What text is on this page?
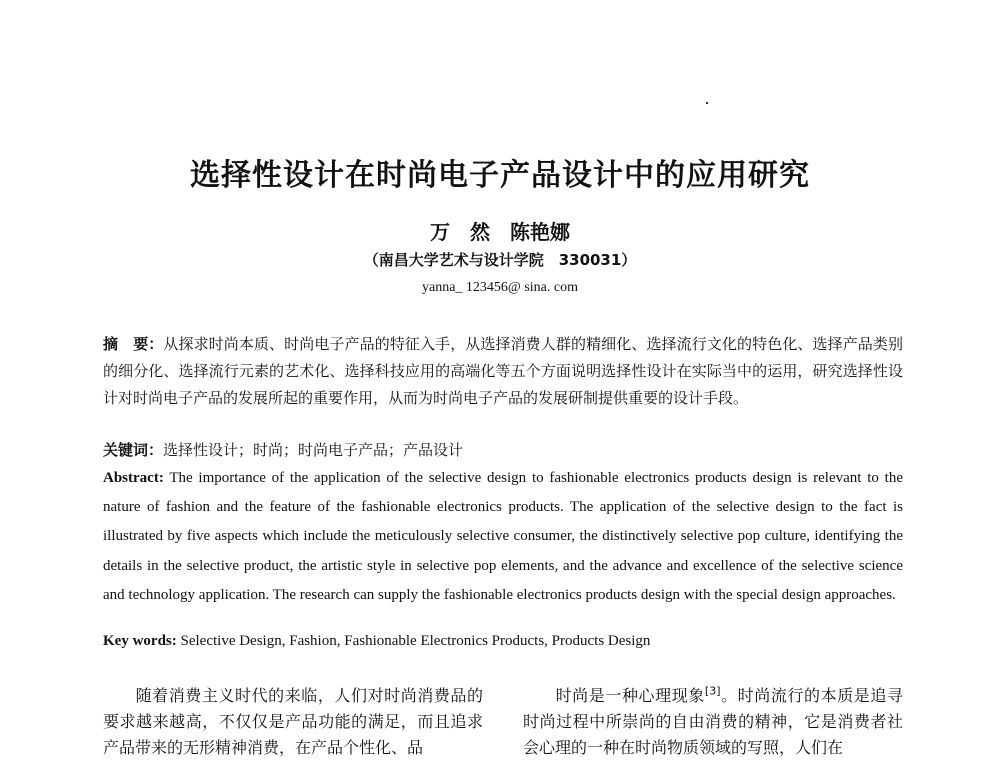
选择性设计在时尚电子产品设计中的应用研究
万　然　陈艳娜
（南昌大学艺术与设计学院　330031）
yanna_ 123456@ sina. com
摘　要：从探求时尚本质、时尚电子产品的特征入手，从选择消费人群的精细化、选择流行文化的特色化、选择产品类别的细分化、选择流行元素的艺术化、选择科技应用的高端化等五个方面说明选择性设计在实际当中的运用，研究选择性设计对时尚电子产品的发展所起的重要作用，从而为时尚电子产品的发展研制提供重要的设计手段。
关键词：选择性设计；时尚；时尚电子产品；产品设计
Abstract: The importance of the application of the selective design to fashionable electronics products design is relevant to the nature of fashion and the feature of the fashionable electronics products. The application of the selective design to the fact is illustrated by five aspects which include the meticulously selective consumer, the distinctively selective pop culture, identifying the details in the selective product, the artistic style in selective pop elements, and the advance and excellence of the selective science and technology application. The research can supply the fashionable electronics products design with the special design approaches.
Key words: Selective Design, Fashion, Fashionable Electronics Products, Products Design
随着消费主义时代的来临，人们对时尚消费品的要求越来越高，不仅仅是产品功能的满足，而且追求产品带来的无形精神消费，在产品个性化、品
时尚是一种心理现象[3]。时尚流行的本质是追寻时尚过程中所崇尚的自由消费的精神，它是消费者社会心理的一种在时尚物质领域的写照，人们在
